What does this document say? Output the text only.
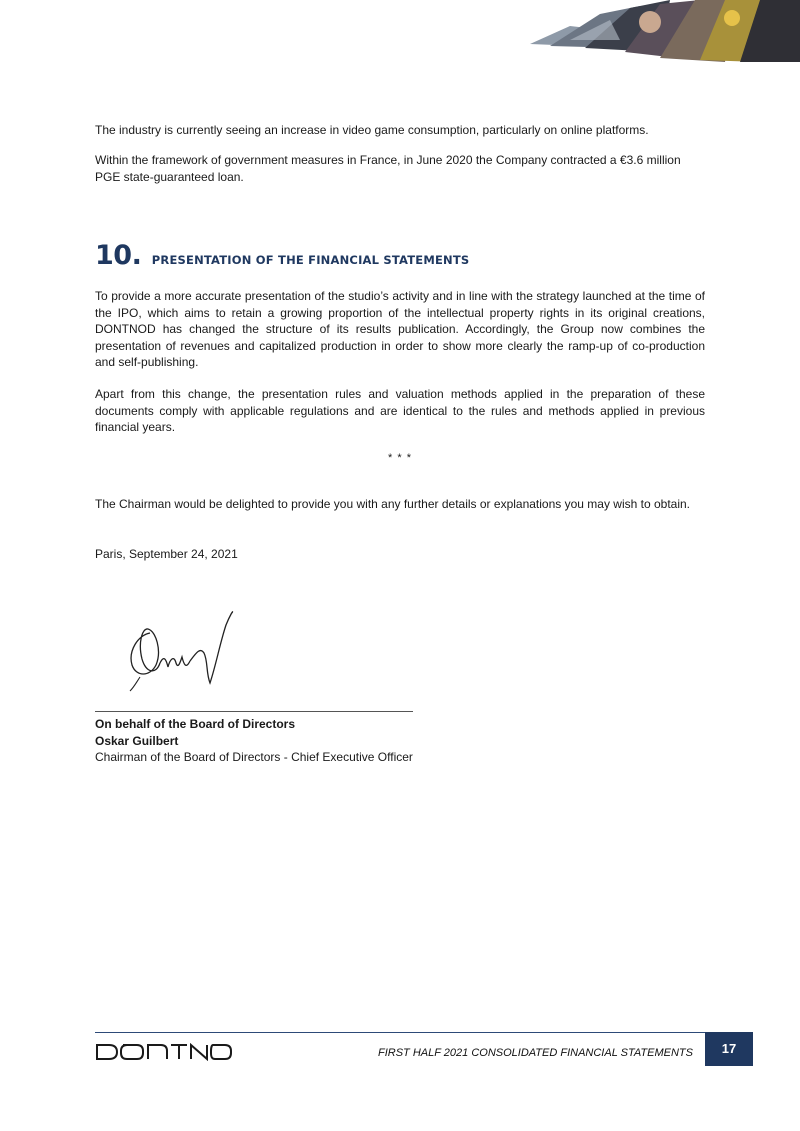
The industry is currently seeing an increase in video game consumption, particularly on online platforms.

Within the framework of government measures in France, in June 2020 the Company contracted a €3.6 million PGE state-guaranteed loan.

10. PRESENTATION OF THE FINANCIAL STATEMENTS

To provide a more accurate presentation of the studio’s activity and in line with the strategy launched at the time of the IPO, which aims to retain a growing proportion of the intellectual property rights in its original creations, DONTNOD has changed the structure of its results publication. Accordingly, the Group now combines the presentation of revenues and capitalized production in order to show more clearly the ramp-up of co-production and self-publishing.

Apart from this change, the presentation rules and valuation methods applied in the preparation of these documents comply with applicable regulations and are identical to the rules and methods applied in previous financial years.

* * *
The Chairman would be delighted to provide you with any further details or explanations you may wish to obtain.
Paris, September 24, 2021
On behalf of the Board of Directors
Oskar Guilbert
Chairman of the Board of Directors - Chief Executive Officer
DONTNOD
FIRST HALF 2021 CONSOLIDATED FINANCIAL STATEMENTS	17
